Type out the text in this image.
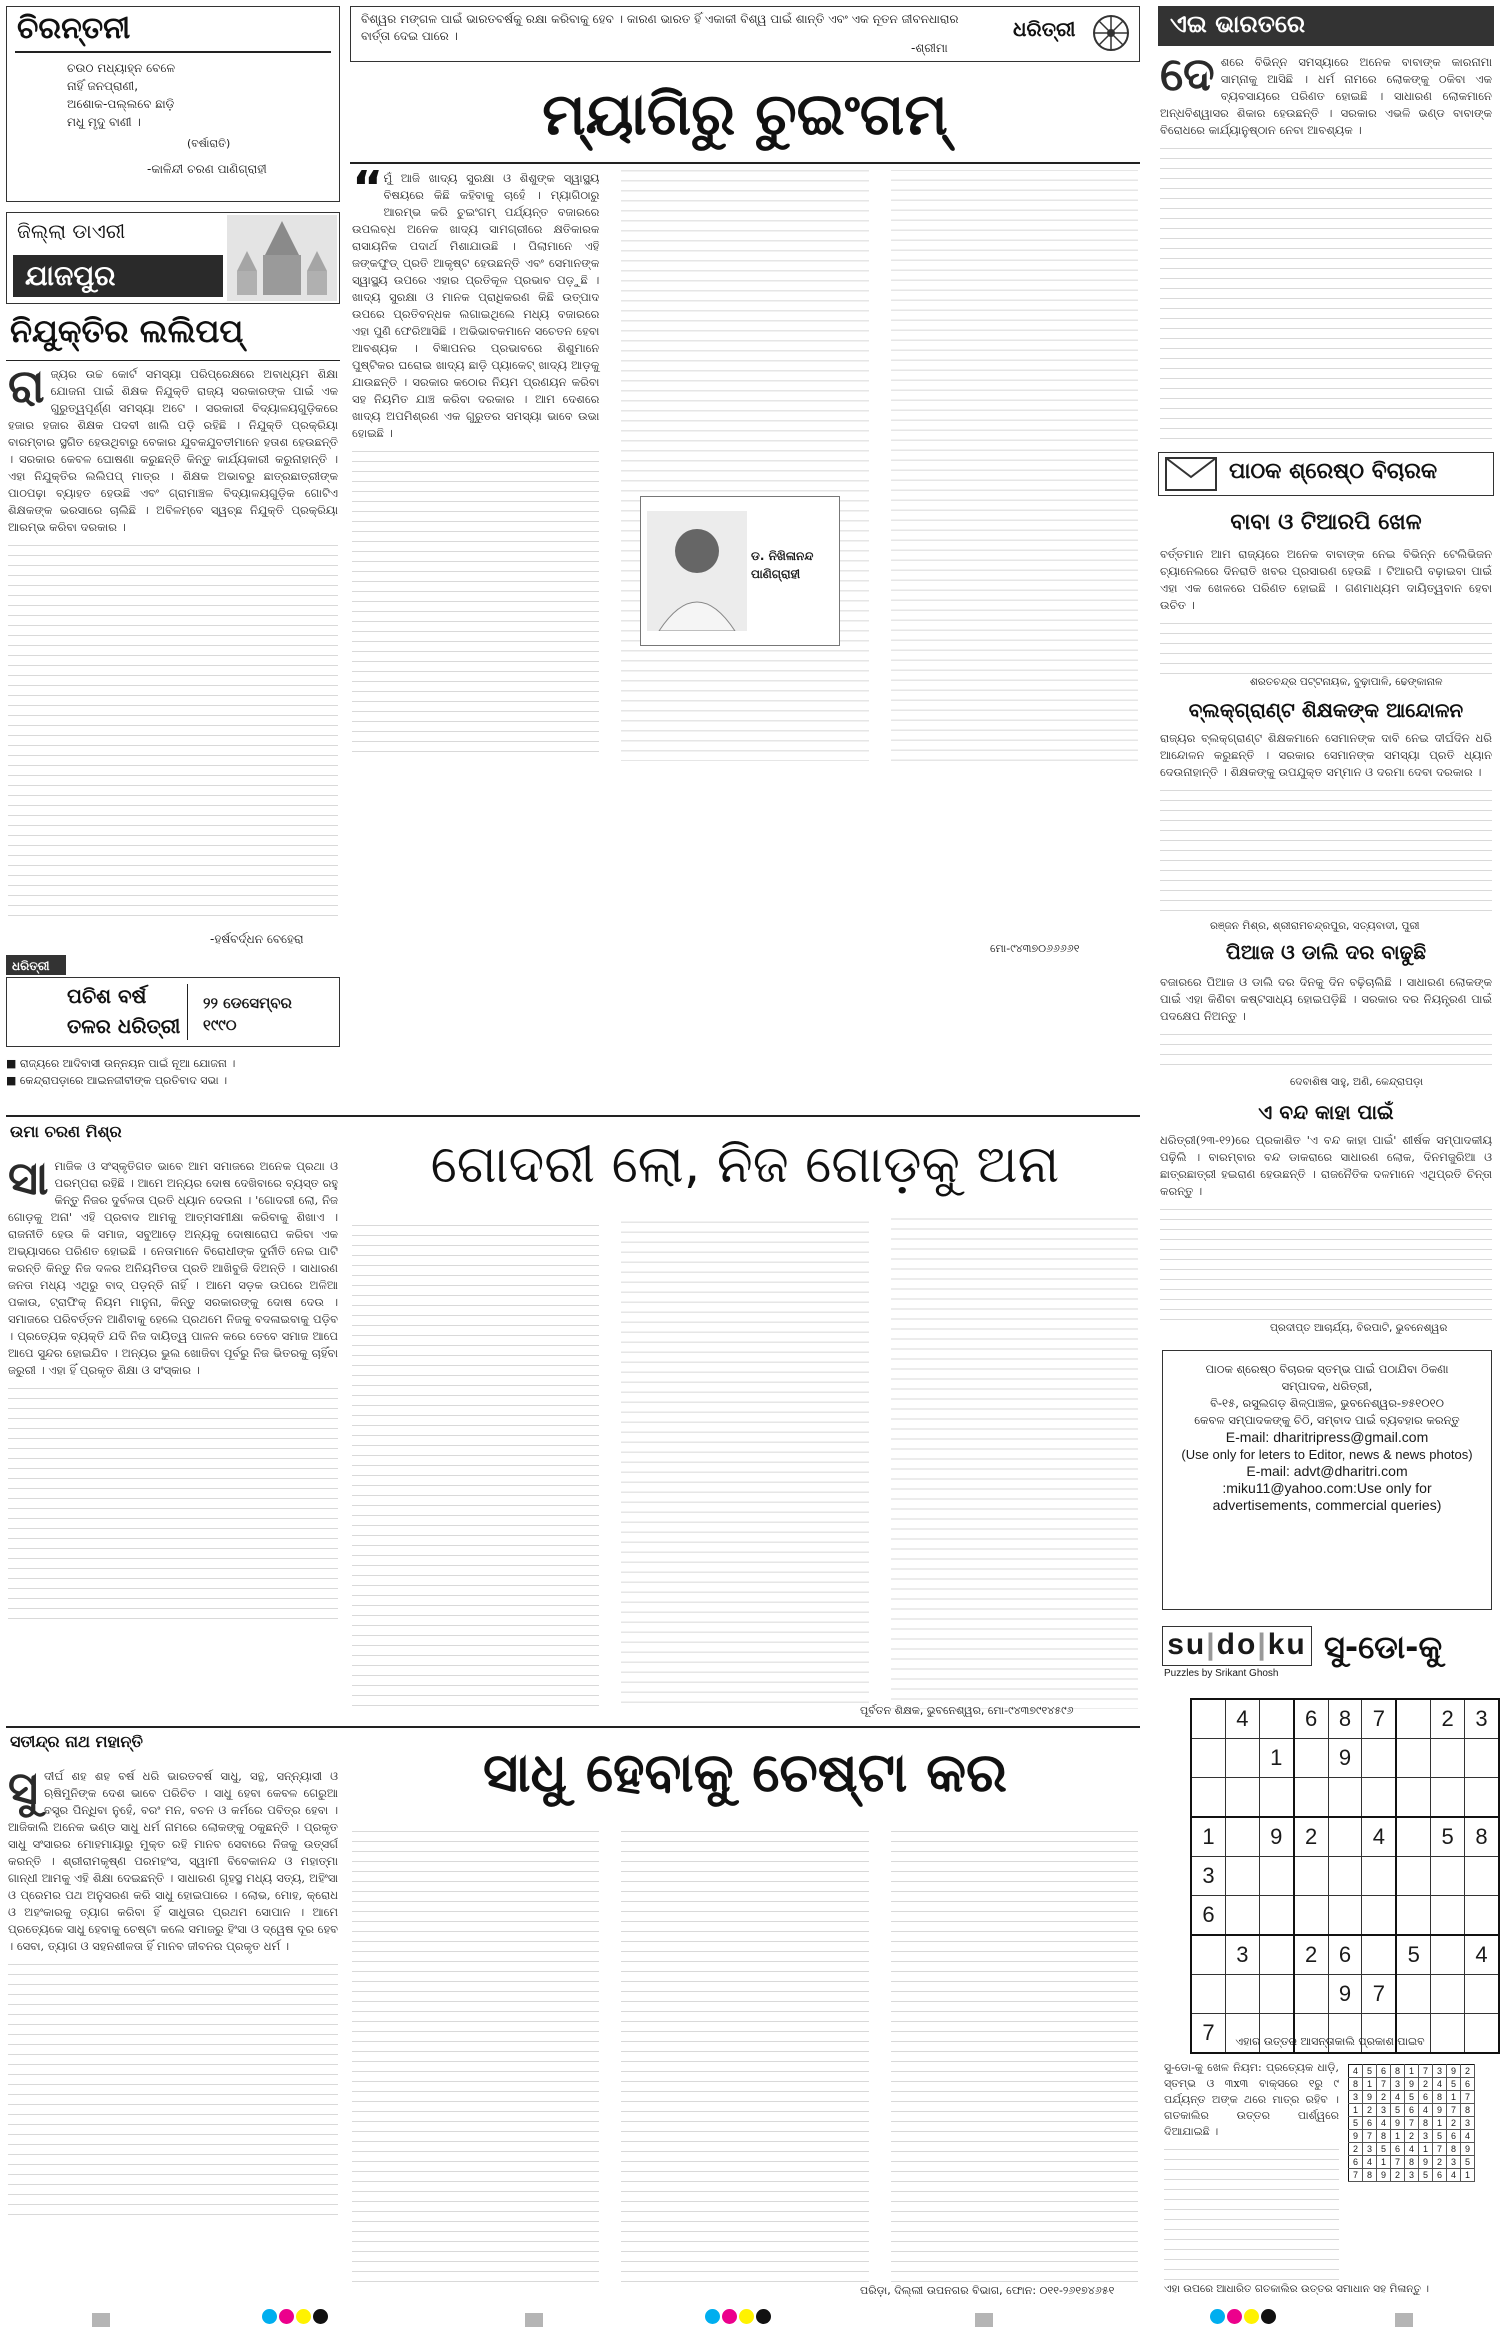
ଚିରନ୍ତନୀ
ଚଉଠ ମଧ୍ୟାହ୍ନ ବେଳେ
ନାହିଁ ଜନପ୍ରାଣୀ,
ଅଶୋକ-ପଲ୍ଲବେ ଛାଡ଼ି
ମଧୁ ମୃଦୁ ବାଣୀ ।
(ବର୍ଷାରାତି)
-କାଳିନ୍ଦୀ ଚରଣ ପାଣିଗ୍ରାହୀ
ଜିଲ୍ଲା ଡାଏରୀ
ଯାଜପୁର
ନିଯୁକ୍ତିର ଲଲିପପ୍
ରା ଜ୍ୟର ଉଚ୍ଚ କୋର୍ଟ ସମସ୍ୟା ପରିପ୍ରେକ୍ଷରେ ଅବାଧ୍ୟମ ଶିକ୍ଷା ଯୋଜନା ପାଇଁ ଶିକ୍ଷକ ନିଯୁକ୍ତି ରାଜ୍ୟ ସରକାରଙ୍କ ପାଇଁ ଏକ ଗୁରୁତ୍ୱପୂର୍ଣ୍ଣ ସମସ୍ୟା ଅଟେ । ସରକାରୀ ବିଦ୍ୟାଳୟଗୁଡ଼ିକରେ ହଜାର ହଜାର ଶିକ୍ଷକ ପଦବୀ ଖାଲି ପଡ଼ି ରହିଛି । ନିଯୁକ୍ତି ପ୍ରକ୍ରିୟା ବାରମ୍ବାର ସ୍ଥଗିତ ହେଉଥିବାରୁ ବେକାର ଯୁବକଯୁବତୀମାନେ ହତାଶ ହେଉଛନ୍ତି । ସରକାର କେବଳ ଘୋଷଣା କରୁଛନ୍ତି କିନ୍ତୁ କାର୍ଯ୍ୟକାରୀ କରୁନାହାନ୍ତି । ଏହା ନିଯୁକ୍ତିର ଲଲିପପ୍ ମାତ୍ର । ଶିକ୍ଷକ ଅଭାବରୁ ଛାତ୍ରଛାତ୍ରୀଙ୍କ ପାଠପଢ଼ା ବ୍ୟାହତ ହେଉଛି ଏବଂ ଗ୍ରାମାଞ୍ଚଳ ବିଦ୍ୟାଳୟଗୁଡ଼ିକ ଗୋଟିଏ ଶିକ୍ଷକଙ୍କ ଭରସାରେ ଚାଲିଛି । ଅବିଳମ୍ବେ ସ୍ୱଚ୍ଛ ନିଯୁକ୍ତି ପ୍ରକ୍ରିୟା ଆରମ୍ଭ କରିବା ଦରକାର ।
-ହର୍ଷବର୍ଦ୍ଧନ ବେହେରା
ଧରିତ୍ରୀ
ପଚିଶ ବର୍ଷ
ତଳର ଧରିତ୍ରୀ
୨୨ ଡେସେମ୍ବର ୧୯୯୦
■ ରାଜ୍ୟରେ ଆଦିବାସୀ ଉନ୍ନୟନ ପାଇଁ ନୂଆ ଯୋଜନା ।
■ କେନ୍ଦ୍ରାପଡ଼ାରେ ଆଇନଜୀବୀଙ୍କ ପ୍ରତିବାଦ ସଭା ।
ବିଶ୍ୱର ମଙ୍ଗଳ ପାଇଁ ଭାରତବର୍ଷକୁ ରକ୍ଷା କରିବାକୁ ହେବ । କାରଣ ଭାରତ ହିଁ ଏକାକୀ ବିଶ୍ୱ ପାଇଁ ଶାନ୍ତି ଏବଂ ଏକ ନୂତନ ଜୀବନଧାରାର ବାର୍ତ୍ତା ଦେଇ ପାରେ ।
-ଶ୍ରୀମା
ଧରିତ୍ରୀ
ମ୍ୟାଗିରୁ ଚୁଇଂଗମ୍
“ ମୁଁ ଆଜି ଖାଦ୍ୟ ସୁରକ୍ଷା ଓ ଶିଶୁଙ୍କ ସ୍ୱାସ୍ଥ୍ୟ ବିଷୟରେ କିଛି କହିବାକୁ ଚାହେଁ । ମ୍ୟାଗିଠାରୁ ଆରମ୍ଭ କରି ଚୁଇଂଗମ୍ ପର୍ଯ୍ୟନ୍ତ ବଜାରରେ ଉପଲବ୍ଧ ଅନେକ ଖାଦ୍ୟ ସାମଗ୍ରୀରେ କ୍ଷତିକାରକ ରାସାୟନିକ ପଦାର୍ଥ ମିଶାଯାଉଛି । ପିଲାମାନେ ଏହି ଜଙ୍କଫୁଡ୍ ପ୍ରତି ଆକୃଷ୍ଟ ହେଉଛନ୍ତି ଏବଂ ସେମାନଙ୍କ ସ୍ୱାସ୍ଥ୍ୟ ଉପରେ ଏହାର ପ୍ରତିକୂଳ ପ୍ରଭାବ ପଡ଼ୁଛି । ଖାଦ୍ୟ ସୁରକ୍ଷା ଓ ମାନକ ପ୍ରାଧିକରଣ କିଛି ଉତ୍ପାଦ ଉପରେ ପ୍ରତିବନ୍ଧକ ଲଗାଇଥିଲେ ମଧ୍ୟ ବଜାରରେ ଏହା ପୁଣି ଫେରିଆସିଛି । ଅଭିଭାବକମାନେ ସଚେତନ ହେବା ଆବଶ୍ୟକ । ବିଜ୍ଞାପନର ପ୍ରଭାବରେ ଶିଶୁମାନେ ପୁଷ୍ଟିକର ଘରୋଇ ଖାଦ୍ୟ ଛାଡ଼ି ପ୍ୟାକେଟ୍ ଖାଦ୍ୟ ଆଡ଼କୁ ଯାଉଛନ୍ତି । ସରକାର କଠୋର ନିୟମ ପ୍ରଣୟନ କରିବା ସହ ନିୟମିତ ଯାଞ୍ଚ କରିବା ଦରକାର । ଆମ ଦେଶରେ ଖାଦ୍ୟ ଅପମିଶ୍ରଣ ଏକ ଗୁରୁତର ସମସ୍ୟା ଭାବେ ଉଭା ହୋଇଛି ।
ଡ. ନିଖିଳାନନ୍ଦ ପାଣିଗ୍ରାହୀ
ମୋ-୯୪୩୭୦୬୬୬୬୧
ଏଇ ଭାରତରେ
ଦେ ଶରେ ବିଭିନ୍ନ ସମସ୍ୟାରେ ଅନେକ ବାବାଙ୍କ କାରନାମା ସାମ୍ନାକୁ ଆସିଛି । ଧର୍ମ ନାମରେ ଲୋକଙ୍କୁ ଠକିବା ଏକ ବ୍ୟବସାୟରେ ପରିଣତ ହୋଇଛି । ସାଧାରଣ ଲୋକମାନେ ଅନ୍ଧବିଶ୍ୱାସର ଶିକାର ହେଉଛନ୍ତି । ସରକାର ଏଭଳି ଭଣ୍ଡ ବାବାଙ୍କ ବିରୋଧରେ କାର୍ଯ୍ୟାନୁଷ୍ଠାନ ନେବା ଆବଶ୍ୟକ ।
ପାଠକ ଶ୍ରେଷ୍ଠ ବିଚାରକ
ବାବା ଓ ଟିଆରପି ଖେଳ
ବର୍ତ୍ତମାନ ଆମ ରାଜ୍ୟରେ ଅନେକ ବାବାଙ୍କ ନେଇ ବିଭିନ୍ନ ଟେଲିଭିଜନ ଚ୍ୟାନେଲରେ ଦିନରାତି ଖବର ପ୍ରସାରଣ ହେଉଛି । ଟିଆରପି ବଢ଼ାଇବା ପାଇଁ ଏହା ଏକ ଖେଳରେ ପରିଣତ ହୋଇଛି । ଗଣମାଧ୍ୟମ ଦାୟିତ୍ୱବାନ ହେବା ଉଚିତ ।
ଶରତଚନ୍ଦ୍ର ପଟ୍ଟନାୟକ, ବୁଢ଼ାପାଳି, ଢେଙ୍କାନାଳ
ବ୍ଲକ୍‌ଗ୍ରାଣ୍ଟ ଶିକ୍ଷକଙ୍କ ଆନ୍ଦୋଳନ
ରାଜ୍ୟର ବ୍ଲକ୍‌ଗ୍ରାଣ୍ଟ ଶିକ୍ଷକମାନେ ସେମାନଙ୍କ ଦାବି ନେଇ ଦୀର୍ଘଦିନ ଧରି ଆନ୍ଦୋଳନ କରୁଛନ୍ତି । ସରକାର ସେମାନଙ୍କ ସମସ୍ୟା ପ୍ରତି ଧ୍ୟାନ ଦେଉନାହାନ୍ତି । ଶିକ୍ଷକଙ୍କୁ ଉପଯୁକ୍ତ ସମ୍ମାନ ଓ ଦରମା ଦେବା ଦରକାର ।
ରଞ୍ଜନ ମିଶ୍ର, ଶ୍ରୀରାମଚନ୍ଦ୍ରପୁର, ସତ୍ୟବାଦୀ, ପୁରୀ
ପିଆଜ ଓ ଡାଲି ଦର ବାଢୁଛି
ବଜାରରେ ପିଆଜ ଓ ଡାଲି ଦର ଦିନକୁ ଦିନ ବଢ଼ିଚାଲିଛି । ସାଧାରଣ ଲୋକଙ୍କ ପାଇଁ ଏହା କିଣିବା କଷ୍ଟସାଧ୍ୟ ହୋଇପଡ଼ିଛି । ସରକାର ଦର ନିୟନ୍ତ୍ରଣ ପାଇଁ ପଦକ୍ଷେପ ନିଅନ୍ତୁ ।
ଦେବାଶିଷ ସାହୁ, ଅଣି, କେନ୍ଦ୍ରାପଡ଼ା
ଏ ବନ୍ଦ କାହା ପାଇଁ
ଧରିତ୍ରୀ(୨୩-୧୨)ରେ ପ୍ରକାଶିତ 'ଏ ବନ୍ଦ କାହା ପାଇଁ' ଶୀର୍ଷକ ସମ୍ପାଦକୀୟ ପଢ଼ିଲି । ବାରମ୍ବାର ବନ୍ଦ ଡାକରାରେ ସାଧାରଣ ଲୋକ, ଦିନମଜୁରିଆ ଓ ଛାତ୍ରଛାତ୍ରୀ ହଇରାଣ ହେଉଛନ୍ତି । ରାଜନୈତିକ ଦଳମାନେ ଏଥିପ୍ରତି ଚିନ୍ତା କରନ୍ତୁ ।
ପ୍ରଦୀପ୍ତ ଆଚାର୍ଯ୍ୟ, ବିରପାଟି, ଭୁବନେଶ୍ୱର
ପାଠକ ଶ୍ରେଷ୍ଠ ବିଚାରକ ସ୍ତମ୍ଭ ପାଇଁ ପଠାଯିବା ଠିକଣା
ସମ୍ପାଦକ, ଧରିତ୍ରୀ,
ବି-୧୫, ରସୁଲଗଡ଼ ଶିଳ୍ପାଞ୍ଚଳ, ଭୁବନେଶ୍ୱର-୭୫୧୦୧୦
କେବଳ ସମ୍ପାଦକଙ୍କୁ ଚିଠି, ସମ୍ବାଦ ପାଇଁ ବ୍ୟବହାର କରନ୍ତୁ
E-mail: dharitripress@gmail.com
(Use only for leters to Editor, news & news photos)
E-mail: advt@dharitri.com
:miku11@yahoo.com:Use only for
advertisements, commercial queries)
su|do|ku
Puzzles by Srikant Ghosh
ସୁ-ଡୋ-କୁ
	4		6	8	7		2	3
		1		9				

1		9	2		4		5	8
3								
6								
	3		2	6		5		4
				9	7			
7									ଏହାର ଉତ୍ତର ଆସନ୍ତାକାଲି ପ୍ରକାଶ ପାଇବ
ସୁ-ଡୋ-କୁ ଖେଳ ନିୟମ: ପ୍ରତ୍ୟେକ ଧାଡ଼ି, ସ୍ତମ୍ଭ ଓ ୩x୩ ବାକ୍ସରେ ୧ରୁ ୯ ପର୍ଯ୍ୟନ୍ତ ଅଙ୍କ ଥରେ ମାତ୍ର ରହିବ । ଗତକାଲିର ଉତ୍ତର ପାର୍ଶ୍ୱରେ ଦିଆଯାଇଛି ।
4	5	6	8	1	7	3	9	2
8	1	7	3	9	2	4	5	6
3	9	2	4	5	6	8	1	7
1	2	3	5	6	4	9	7	8
5	6	4	9	7	8	1	2	3
9	7	8	1	2	3	5	6	4
2	3	5	6	4	1	7	8	9
6	4	1	7	8	9	2	3	5
7	8	9	2	3	5	6	4	1
ଏହା ଉପରେ ଆଧାରିତ ଗତକାଲିର ଉତ୍ତର ସମାଧାନ ସହ ମିଳାନ୍ତୁ ।
ଉମା ଚରଣ ମିଶ୍ର
ଗୋଦରୀ ଲୋ, ନିଜ ଗୋଡ଼କୁ ଅନା
ସା ମାଜିକ ଓ ସଂସ୍କୃତିଗତ ଭାବେ ଆମ ସମାଜରେ ଅନେକ ପ୍ରଥା ଓ ପରମ୍ପରା ରହିଛି । ଆମେ ଅନ୍ୟର ଦୋଷ ଦେଖିବାରେ ବ୍ୟସ୍ତ ରହୁ କିନ୍ତୁ ନିଜର ଦୁର୍ବଳତା ପ୍ରତି ଧ୍ୟାନ ଦେଉନା । 'ଗୋଦରୀ ଲୋ, ନିଜ ଗୋଡ଼କୁ ଅନା' ଏହି ପ୍ରବାଦ ଆମକୁ ଆତ୍ମସମୀକ୍ଷା କରିବାକୁ ଶିଖାଏ । ରାଜନୀତି ହେଉ କି ସମାଜ, ସବୁଆଡ଼େ ଅନ୍ୟକୁ ଦୋଷାରୋପ କରିବା ଏକ ଅଭ୍ୟାସରେ ପରିଣତ ହୋଇଛି । ନେତାମାନେ ବିରୋଧୀଙ୍କ ଦୁର୍ନୀତି ନେଇ ପାଟି କରନ୍ତି କିନ୍ତୁ ନିଜ ଦଳର ଅନିୟମିତତା ପ୍ରତି ଆଖିବୁଜି ଦିଅନ୍ତି । ସାଧାରଣ ଜନତା ମଧ୍ୟ ଏଥିରୁ ବାଦ୍ ପଡ଼ନ୍ତି ନାହିଁ । ଆମେ ସଡ଼କ ଉପରେ ଅଳିଆ ପକାଉ, ଟ୍ରାଫିକ୍ ନିୟମ ମାନୁନା, କିନ୍ତୁ ସରକାରଙ୍କୁ ଦୋଷ ଦେଉ । ସମାଜରେ ପରିବର୍ତ୍ତନ ଆଣିବାକୁ ହେଲେ ପ୍ରଥମେ ନିଜକୁ ବଦଳାଇବାକୁ ପଡ଼ିବ । ପ୍ରତ୍ୟେକ ବ୍ୟକ୍ତି ଯଦି ନିଜ ଦାୟିତ୍ୱ ପାଳନ କରେ ତେବେ ସମାଜ ଆପେ ଆପେ ସୁନ୍ଦର ହୋଇଯିବ । ଅନ୍ୟର ଭୁଲ ଖୋଜିବା ପୂର୍ବରୁ ନିଜ ଭିତରକୁ ଚାହିଁବା ଜରୁରୀ । ଏହା ହିଁ ପ୍ରକୃତ ଶିକ୍ଷା ଓ ସଂସ୍କାର ।
ପୂର୍ବତନ ଶିକ୍ଷକ, ଭୁବନେଶ୍ୱର, ମୋ-୯୪୩୭୯୧୪୫୯୬
ସତୀନ୍ଦ୍ର ନାଥ ମହାନ୍ତି	ସାଧୁ ହେବାକୁ ଚେଷ୍ଟା କର
ସୁ ଦୀର୍ଘ ଶହ ଶହ ବର୍ଷ ଧରି ଭାରତବର୍ଷ ସାଧୁ, ସନ୍ଥ, ସନ୍ନ୍ୟାସୀ ଓ ଋଷିମୁନିଙ୍କ ଦେଶ ଭାବେ ପରିଚିତ । ସାଧୁ ହେବା କେବଳ ଗେରୁଆ ବସ୍ତ୍ର ପିନ୍ଧିବା ନୁହେଁ, ବରଂ ମନ, ବଚନ ଓ କର୍ମରେ ପବିତ୍ର ହେବା । ଆଜିକାଲି ଅନେକ ଭଣ୍ଡ ସାଧୁ ଧର୍ମ ନାମରେ ଲୋକଙ୍କୁ ଠକୁଛନ୍ତି । ପ୍ରକୃତ ସାଧୁ ସଂସାରର ମୋହମାୟାରୁ ମୁକ୍ତ ରହି ମାନବ ସେବାରେ ନିଜକୁ ଉତ୍ସର୍ଗ କରନ୍ତି । ଶ୍ରୀରାମକୃଷ୍ଣ ପରମହଂସ, ସ୍ୱାମୀ ବିବେକାନନ୍ଦ ଓ ମହାତ୍ମା ଗାନ୍ଧୀ ଆମକୁ ଏହି ଶିକ୍ଷା ଦେଇଛନ୍ତି । ସାଧାରଣ ଗୃହସ୍ଥ ମଧ୍ୟ ସତ୍ୟ, ଅହିଂସା ଓ ପ୍ରେମର ପଥ ଅନୁସରଣ କରି ସାଧୁ ହୋଇପାରେ । ଲୋଭ, ମୋହ, କ୍ରୋଧ ଓ ଅହଂକାରକୁ ତ୍ୟାଗ କରିବା ହିଁ ସାଧୁତାର ପ୍ରଥମ ସୋପାନ । ଆମେ ପ୍ରତ୍ୟେକେ ସାଧୁ ହେବାକୁ ଚେଷ୍ଟା କଲେ ସମାଜରୁ ହିଂସା ଓ ଦ୍ୱେଷ ଦୂର ହେବ । ସେବା, ତ୍ୟାଗ ଓ ସହନଶୀଳତା ହିଁ ମାନବ ଜୀବନର ପ୍ରକୃତ ଧର୍ମ ।
ପରିଡ଼ା, ଦିଲ୍ଲୀ ଉପନଗର ବିଭାଗ, ଫୋନ: ୦୧୧-୨୬୧୭୪୬୫୧
